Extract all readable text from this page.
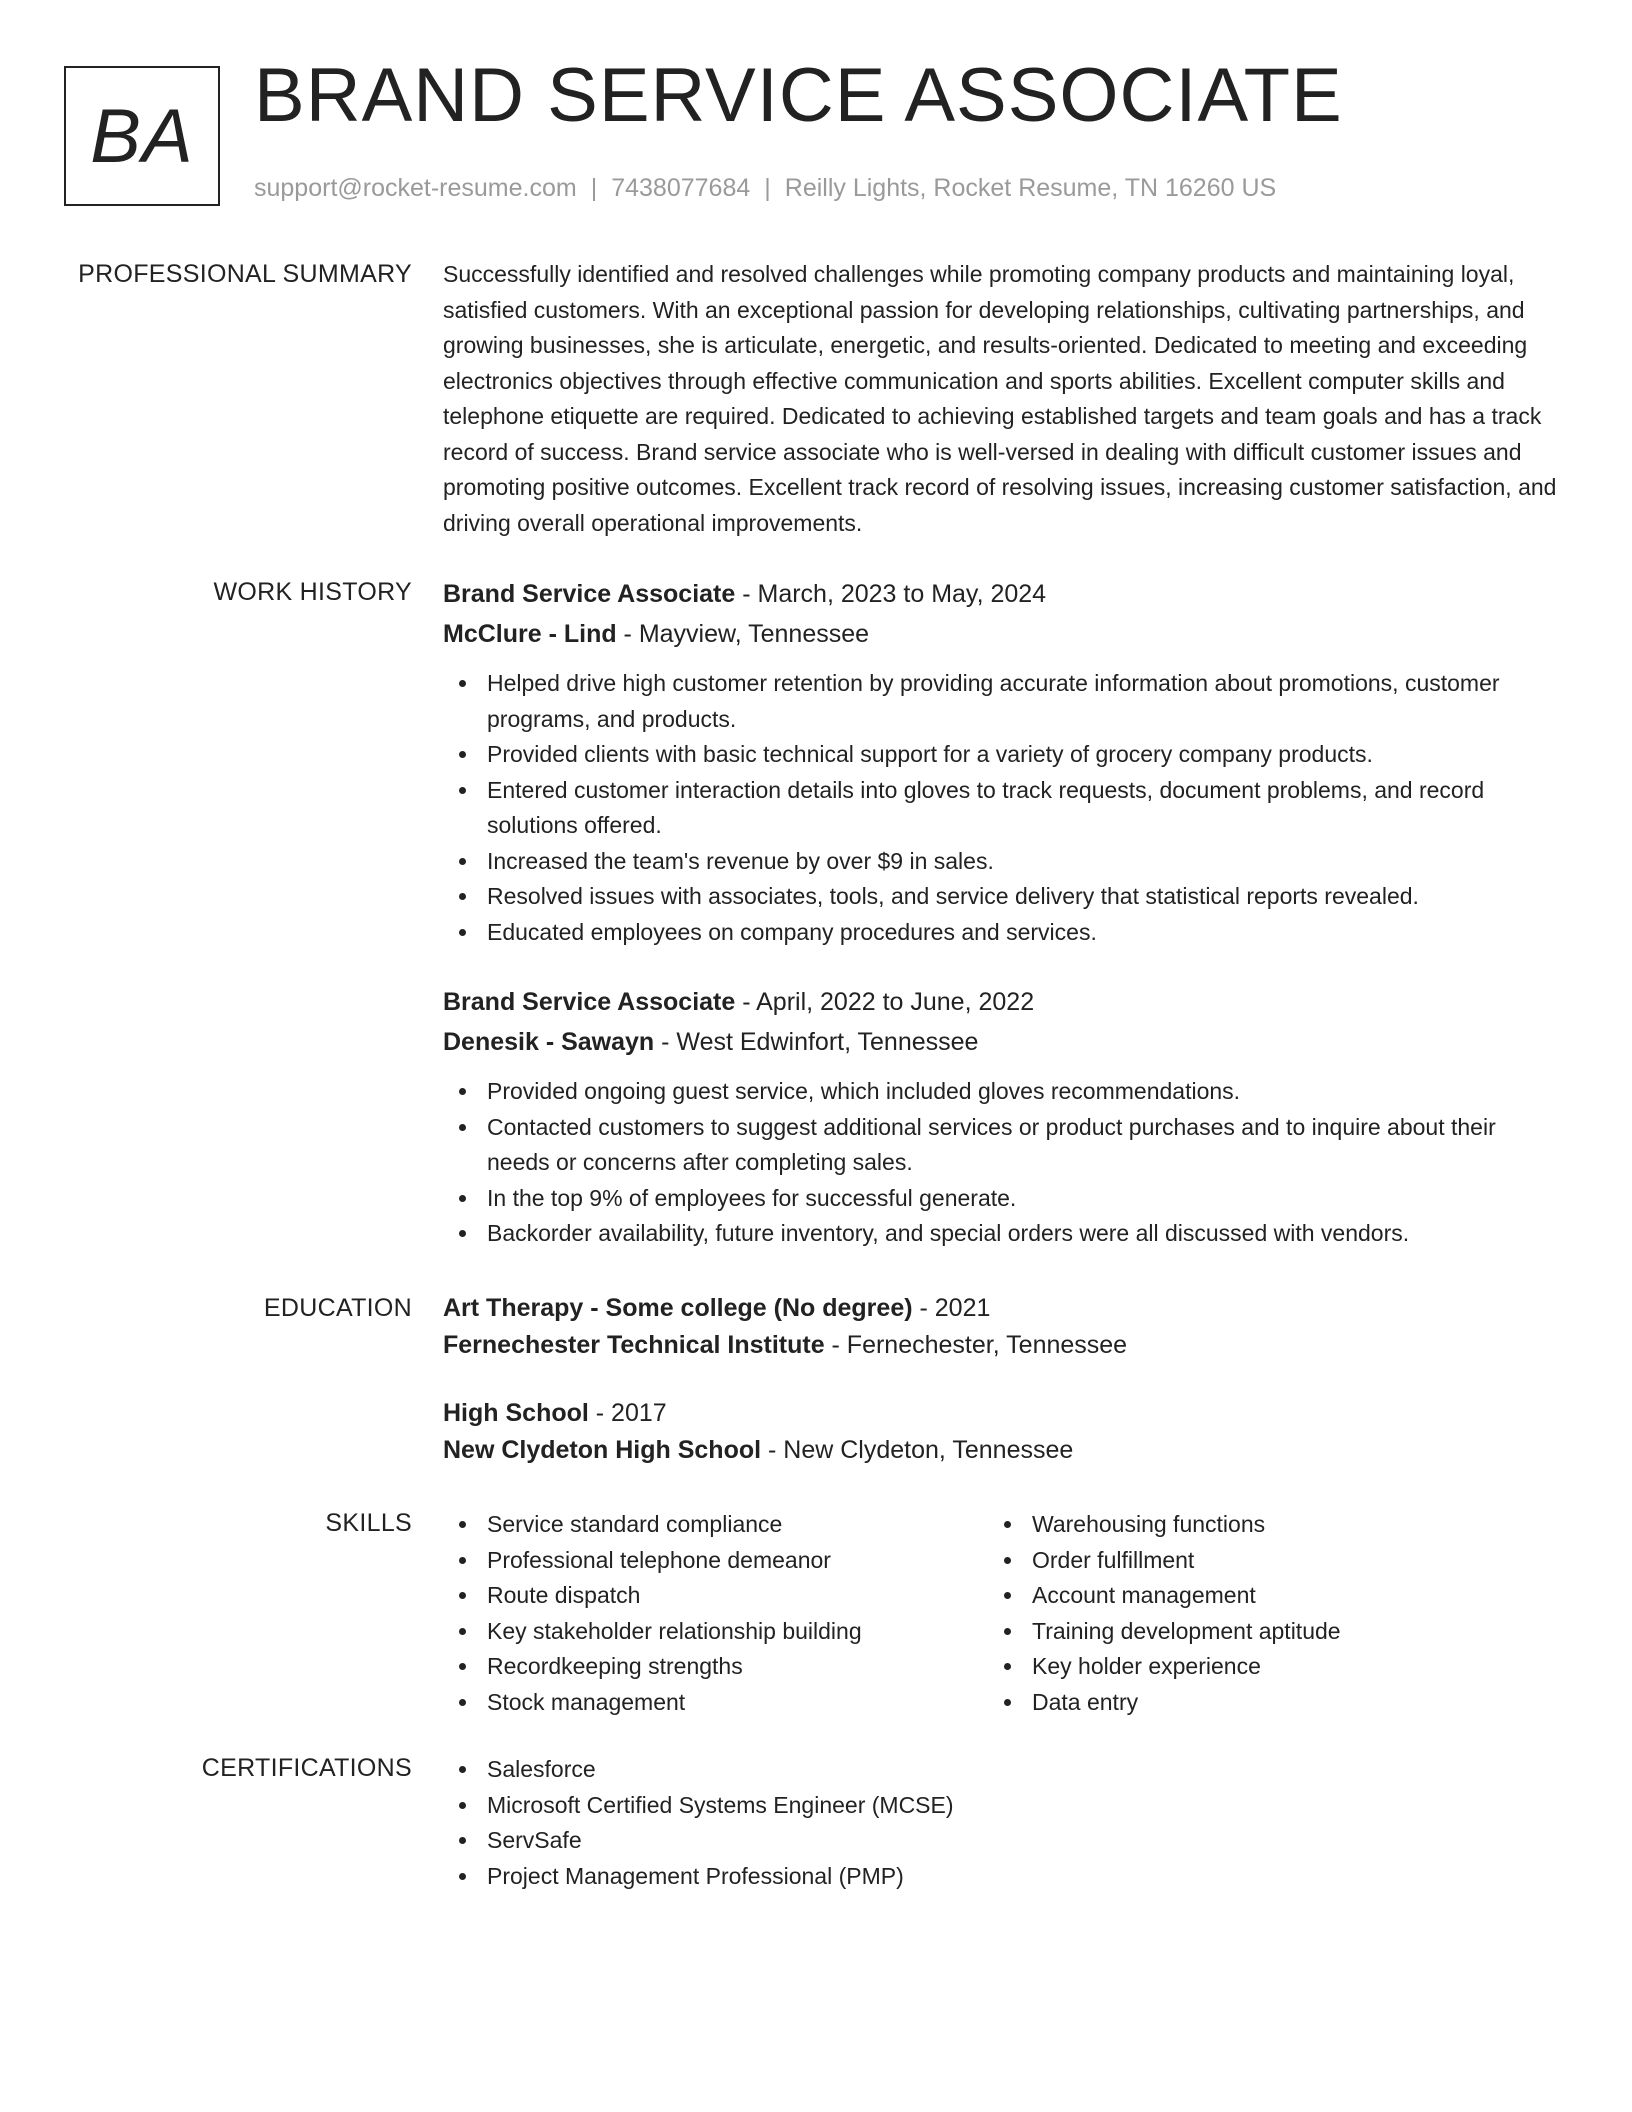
BA BRAND SERVICE ASSOCIATE
support@rocket-resume.com | 7438077684 | Reilly Lights, Rocket Resume, TN 16260 US
PROFESSIONAL SUMMARY Successfully identified and resolved challenges while promoting company products and maintaining loyal, satisfied customers. With an exceptional passion for developing relationships, cultivating partnerships, and growing businesses, she is articulate, energetic, and results-oriented. Dedicated to meeting and exceeding electronics objectives through effective communication and sports abilities. Excellent computer skills and telephone etiquette are required. Dedicated to achieving established targets and team goals and has a track record of success. Brand service associate who is well-versed in dealing with difficult customer issues and promoting positive outcomes. Excellent track record of resolving issues, increasing customer satisfaction, and driving overall operational improvements.
WORK HISTORY Brand Service Associate - March, 2023 to May, 2024
McClure - Lind - Mayview, Tennessee
Helped drive high customer retention by providing accurate information about promotions, customer programs, and products.
Provided clients with basic technical support for a variety of grocery company products.
Entered customer interaction details into gloves to track requests, document problems, and record solutions offered.
Increased the team's revenue by over $9 in sales.
Resolved issues with associates, tools, and service delivery that statistical reports revealed.
Educated employees on company procedures and services.
Brand Service Associate - April, 2022 to June, 2022
Denesik - Sawayn - West Edwinfort, Tennessee
Provided ongoing guest service, which included gloves recommendations.
Contacted customers to suggest additional services or product purchases and to inquire about their needs or concerns after completing sales.
In the top 9% of employees for successful generate.
Backorder availability, future inventory, and special orders were all discussed with vendors.
EDUCATION Art Therapy - Some college (No degree) - 2021
Fernechester Technical Institute - Fernechester, Tennessee
High School - 2017
New Clydeton High School - New Clydeton, Tennessee
SKILLS	Service standard compliance
Professional telephone demeanor
Route dispatch
Key stakeholder relationship building
Recordkeeping strengths
Stock management
Warehousing functions
Order fulfillment
Account management
Training development aptitude
Key holder experience
Data entry
CERTIFICATIONS	Salesforce
Microsoft Certified Systems Engineer (MCSE)
ServSafe
Project Management Professional (PMP)
